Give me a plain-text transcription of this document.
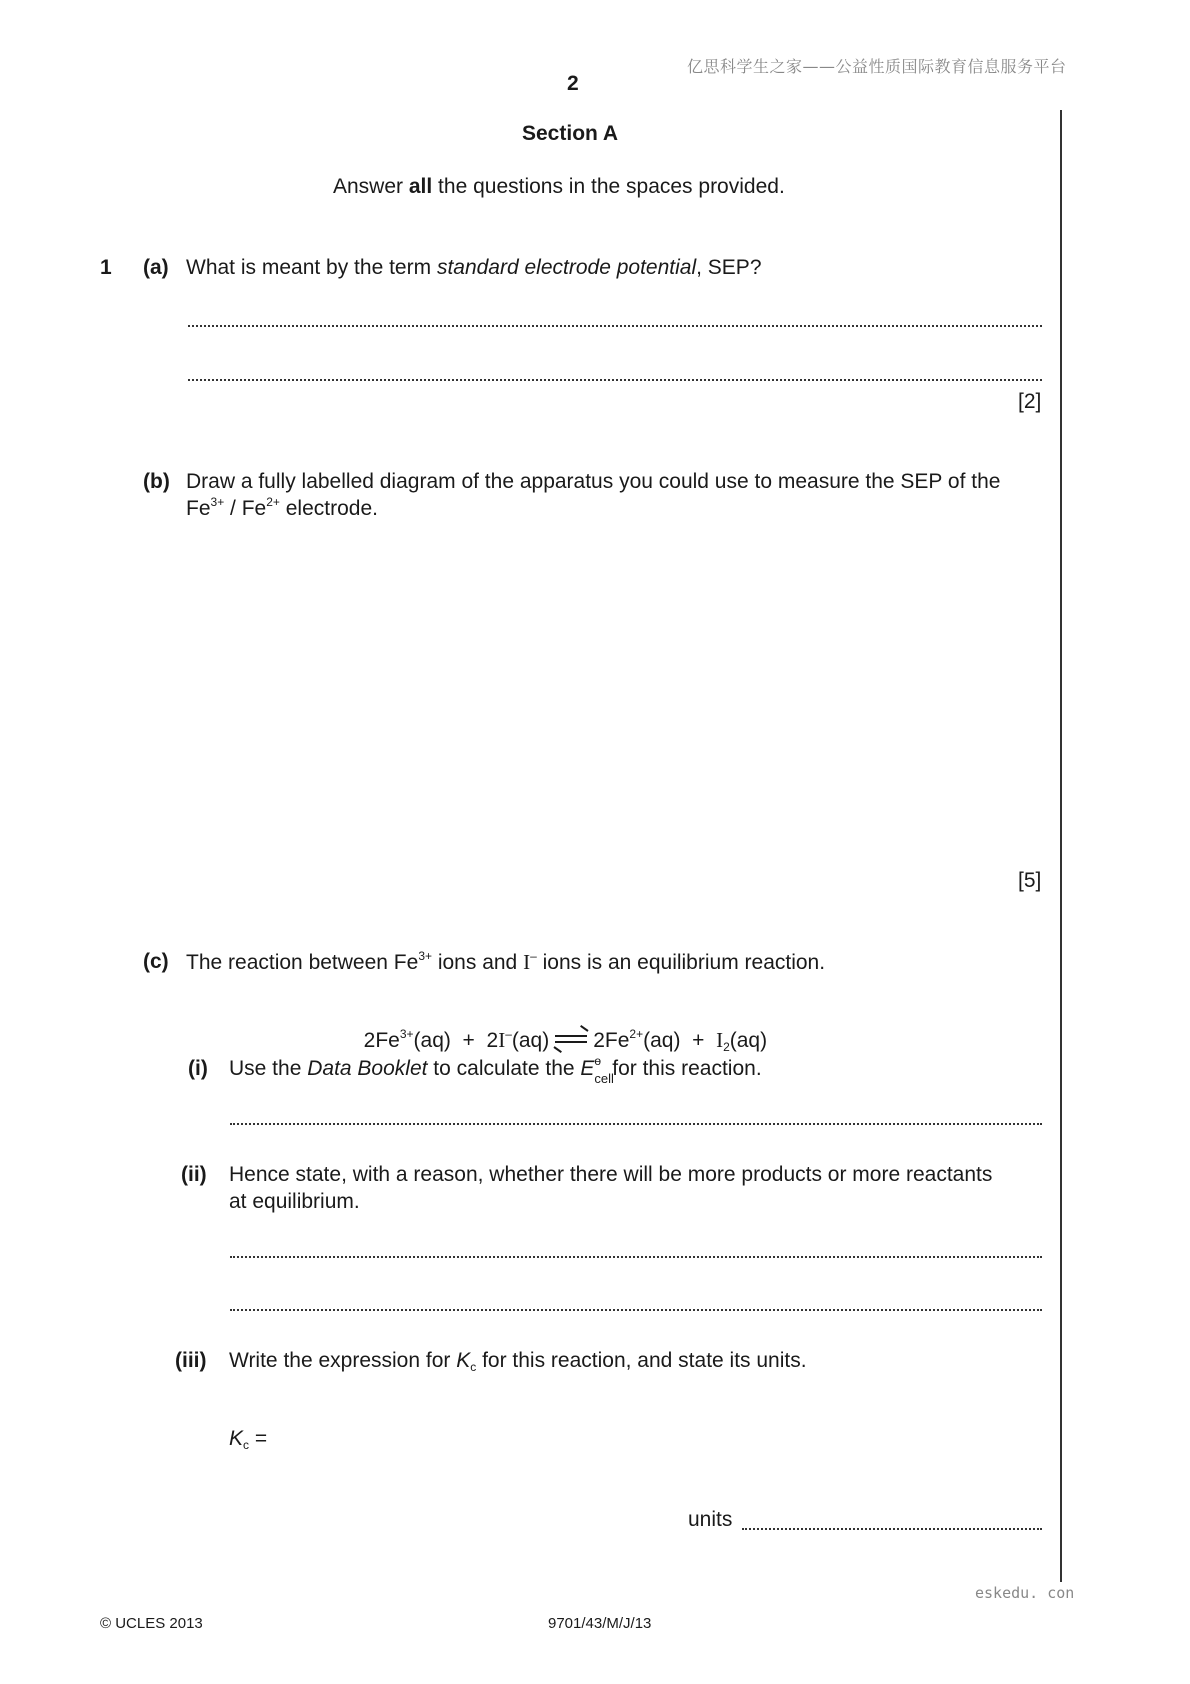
亿思科学生之家——公益性质国际教育信息服务平台
2
Section A
Answer all the questions in the spaces provided.
1 (a) What is meant by the term standard electrode potential, SEP?
[2]
(b) Draw a fully labelled diagram of the apparatus you could use to measure the SEP of the
$Fe^{3+} / Fe^{2+}$ electrode.
[5]
(c) The reaction between $Fe^{3+}$ ions and I– ions is an equilibrium reaction.

$2Fe^{3+}(aq) + 2I^-(aq)$ ⇌ $2Fe^{2+}(aq) + I_2(aq)$

(i) Use the Data Booklet to calculate the E ө
cell
for this reaction.
(ii) Hence state, with a reason, whether there will be more products or more reactants
at equilibrium.
(iii) Write the expression for $K_c$ for this reaction, and state its units.
$K_c$ =
units
eskedu. con
© UCLES 2013	9701/43/M/J/13
